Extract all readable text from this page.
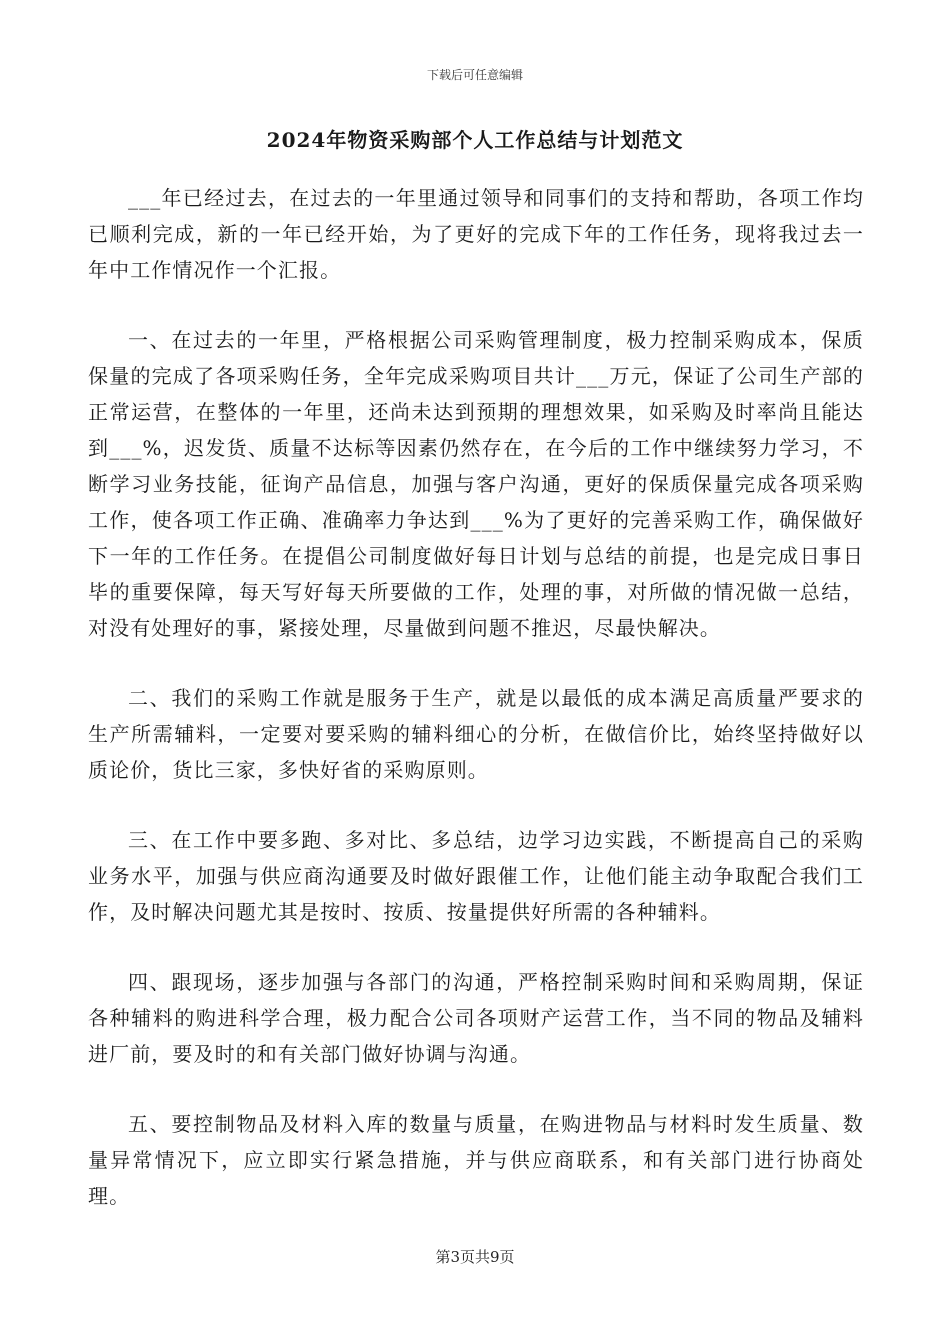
下载后可任意编辑
2024年物资采购部个人工作总结与计划范文

___年已经过去，在过去的一年里通过领导和同事们的支持和帮助，各项工作均已顺利完成，新的一年已经开始，为了更好的完成下年的工作任务，现将我过去一年中工作情况作一个汇报。

一、在过去的一年里，严格根据公司采购管理制度，极力控制采购成本，保质保量的完成了各项采购任务，全年完成采购项目共计___万元，保证了公司生产部的正常运营，在整体的一年里，还尚未达到预期的理想效果，如采购及时率尚且能达到___%，迟发货、质量不达标等因素仍然存在，在今后的工作中继续努力学习，不断学习业务技能，征询产品信息，加强与客户沟通，更好的保质保量完成各项采购工作，使各项工作正确、准确率力争达到___%为了更好的完善采购工作，确保做好下一年的工作任务。在提倡公司制度做好每日计划与总结的前提，也是完成日事日毕的重要保障，每天写好每天所要做的工作，处理的事，对所做的情况做一总结，对没有处理好的事，紧接处理，尽量做到问题不推迟，尽最快解决。

二、我们的采购工作就是服务于生产，就是以最低的成本满足高质量严要求的生产所需辅料，一定要对要采购的辅料细心的分析，在做信价比，始终坚持做好以质论价，货比三家，多快好省的采购原则。

三、在工作中要多跑、多对比、多总结，边学习边实践，不断提高自己的采购业务水平，加强与供应商沟通要及时做好跟催工作，让他们能主动争取配合我们工作，及时解决问题尤其是按时、按质、按量提供好所需的各种辅料。

四、跟现场，逐步加强与各部门的沟通，严格控制采购时间和采购周期，保证各种辅料的购进科学合理，极力配合公司各项财产运营工作，当不同的物品及辅料进厂前，要及时的和有关部门做好协调与沟通。

五、要控制物品及材料入库的数量与质量，在购进物品与材料时发生质量、数量异常情况下，应立即实行紧急措施，并与供应商联系，和有关部门进行协商处理。

第3页共9页
